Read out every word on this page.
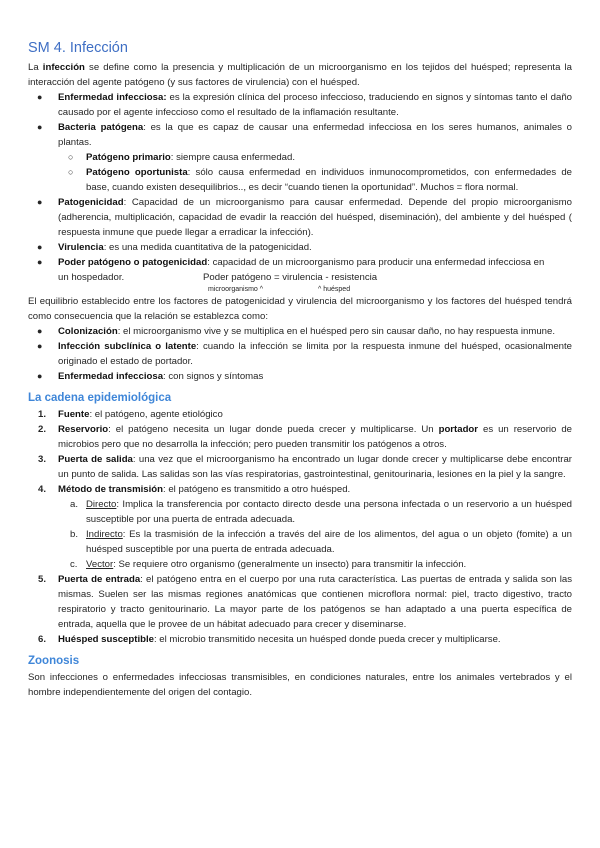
SM 4. Infección

La infección se define como la presencia y multiplicación de un microorganismo en los tejidos del huésped; representa la interacción del agente patógeno (y sus factores de virulencia) con el huésped.

● Enfermedad infecciosa: es la expresión clínica del proceso infeccioso, traduciendo en signos y síntomas tanto el daño causado por el agente infeccioso como el resultado de la inflamación resultante.
● Bacteria patógena: es la que es capaz de causar una enfermedad infecciosa en los seres humanos, animales o plantas.
○ Patógeno primario: siempre causa enfermedad.
○ Patógeno oportunista: sólo causa enfermedad en individuos inmunocomprometidos, con enfermedades de base, cuando existen desequilibrios.., es decir “cuando tienen la oportunidad”. Muchos = flora normal.
● Patogenicidad: Capacidad de un microorganismo para causar enfermedad. Depende del propio microorganismo (adherencia, multiplicación, capacidad de evadir la reacción del huésped, diseminación), del ambiente y del huésped ( respuesta inmune que puede llegar a erradicar la infección).
● Virulencia: es una medida cuantitativa de la patogenicidad.
● Poder patógeno o patogenicidad: capacidad de un microorganismo para producir una enfermedad infecciosa en
un hospedador.	Poder patógeno = virulencia - resistencia
microorganismo ^	^ huésped

El equilibrio establecido entre los factores de patogenicidad y virulencia del microorganismo y los factores del huésped tendrá como consecuencia que la relación se establezca como:

● Colonización: el microorganismo vive y se multiplica en el huésped pero sin causar daño, no hay respuesta inmune.
● Infección subclínica o latente: cuando la infección se limita por la respuesta inmune del huésped, ocasionalmente originado el estado de portador.
● Enfermedad infecciosa: con signos y síntomas
La cadena epidemiológica
1. Fuente: el patógeno, agente etiológico
2. Reservorio: el patógeno necesita un lugar donde pueda crecer y multiplicarse. Un portador es un reservorio de microbios pero que no desarrolla la infección; pero pueden transmitir los patógenos a otros.
3. Puerta de salida: una vez que el microorganismo ha encontrado un lugar donde crecer y multiplicarse debe encontrar un punto de salida. Las salidas son las vías respiratorias, gastrointestinal, genitourinaria, lesiones en la piel y la sangre.
4. Método de transmisión: el patógeno es transmitido a otro huésped.
a. Directo: Implica la transferencia por contacto directo desde una persona infectada o un reservorio a un huésped susceptible por una puerta de entrada adecuada.
b. Indirecto: Es la trasmisión de la infección a través del aire de los alimentos, del agua o un objeto (fomite) a un huésped susceptible por una puerta de entrada adecuada.
c. Vector: Se requiere otro organismo (generalmente un insecto) para transmitir la infección.
5. Puerta de entrada: el patógeno entra en el cuerpo por una ruta característica. Las puertas de entrada y salida son las mismas. Suelen ser las mismas regiones anatómicas que contienen microflora normal: piel, tracto digestivo, tracto respiratorio y tracto genitourinario. La mayor parte de los patógenos se han adaptado a una puerta específica de entrada, aquella que le provee de un hábitat adecuado para crecer y diseminarse.
6. Huésped susceptible: el microbio transmitido necesita un huésped donde pueda crecer y multiplicarse.
Zoonosis

Son infecciones o enfermedades infecciosas transmisibles, en condiciones naturales, entre los animales vertebrados y el hombre independientemente del origen del contagio.
